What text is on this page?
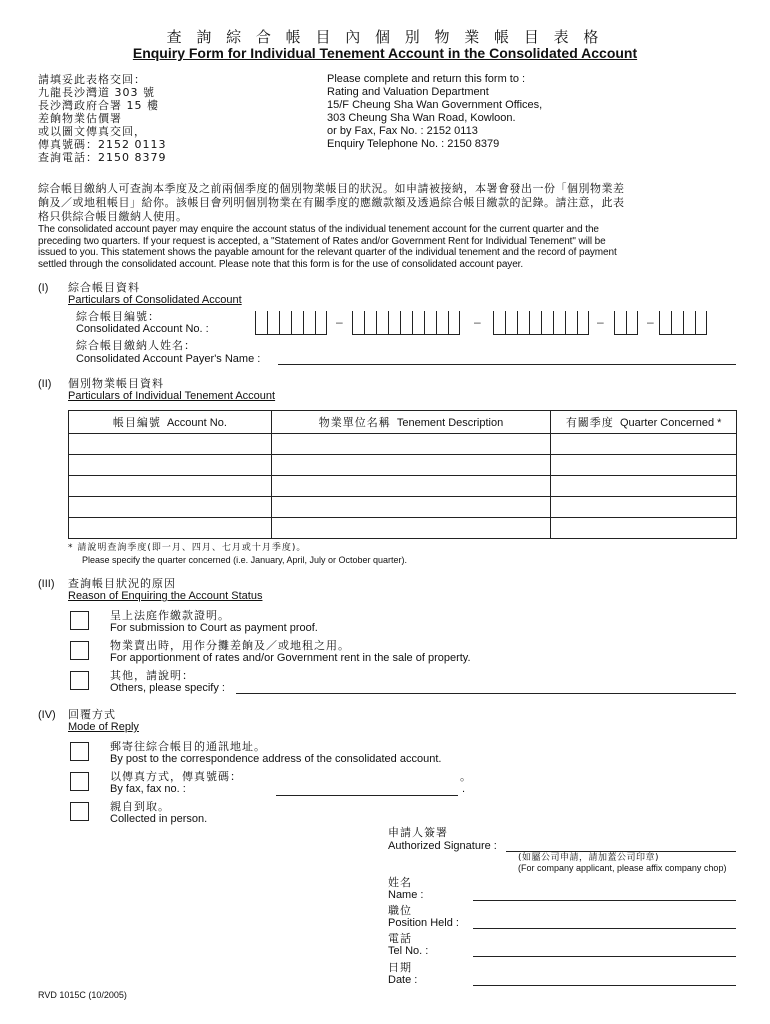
查 詢 綜 合 帳 目 內 個 別 物 業 帳 目 表 格
Enquiry Form for Individual Tenement Account in the Consolidated Account
請填妥此表格交回：
九龍長沙灣道 303 號
長沙灣政府合署 15 樓
差餉物業估價署
或以圖文傳真交回，
傳真號碼：2152 0113
查詢電話：2150 8379
Please complete and return this form to :
Rating and Valuation Department
15/F Cheung Sha Wan Government Offices,
303 Cheung Sha Wan Road, Kowloon.
or by Fax, Fax No. : 2152 0113
Enquiry Telephone No. : 2150 8379
綜合帳目繳納人可查詢本季度及之前兩個季度的個別物業帳目的狀況。如申請被接納，本署會發出一份「個別物業差
餉及／或地租帳目」給你。該帳目會列明個別物業在有關季度的應繳款額及透過綜合帳目繳款的記錄。請注意，此表
格只供綜合帳目繳納人使用。
The consolidated account payer may enquire the account status of the individual tenement account for the current quarter and the
preceding two quarters. If your request is accepted, a "Statement of Rates and/or Government Rent for Individual Tenement" will be
issued to you. This statement shows the payable amount for the relevant quarter of the individual tenement and the record of payment
settled through the consolidated account. Please note that this form is for the use of consolidated account payer.
(I) 綜合帳目資料
Particulars of Consolidated Account
綜合帳目編號：
Consolidated Account No. :	–	–	–	–
綜合帳目繳納人姓名：
Consolidated Account Payer's Name :
(II) 個別物業帳目資料
Particulars of Individual Tenement Account
帳目編號 Account No.	物業單位名稱 Tenement Description	有關季度 Quarter Concerned *

* 請說明查詢季度(即一月、四月、七月或十月季度)。
Please specify the quarter concerned (i.e. January, April, July or October quarter).
(III) 查詢帳目狀況的原因
Reason of Enquiring the Account Status
呈上法庭作繳款證明。
For submission to Court as payment proof.
物業賣出時，用作分攤差餉及／或地租之用。
For apportionment of rates and/or Government rent in the sale of property.
其他，請說明：
Others, please specify :
(IV) 回覆方式
Mode of Reply
郵寄往綜合帳目的通訊地址。
By post to the correspondence address of the consolidated account.
以傳真方式，傳真號碼：
By fax, fax no. :
。
.
親自到取。
Collected in person.
申請人簽署
Authorized Signature :
(如屬公司申請，請加蓋公司印章)
(For company applicant, please affix company chop)
姓名
Name :
職位
Position Held :
電話
Tel No. :
日期
Date :
RVD 1015C (10/2005)
